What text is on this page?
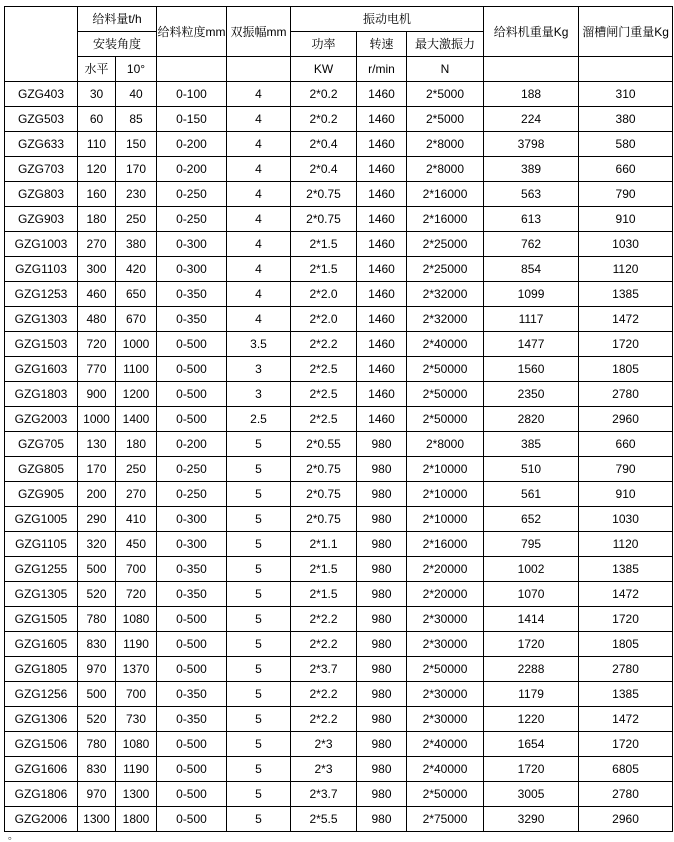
	给料量t/h		给料粒度mm	双振幅mm	振动电机			给料机重量Kg	溜槽闸门重量Kg
	安装角度				功率	转速	最大激振力		
	水平	10°			KW	r/min	N		
GZG403	30	40	0-100	4	2*0.2	1460	2*5000	188	310
GZG503	60	85	0-150	4	2*0.2	1460	2*5000	224	380
GZG633	110	150	0-200	4	2*0.4	1460	2*8000	3798	580
GZG703	120	170	0-200	4	2*0.4	1460	2*8000	389	660
GZG803	160	230	0-250	4	2*0.75	1460	2*16000	563	790
GZG903	180	250	0-250	4	2*0.75	1460	2*16000	613	910
GZG1003	270	380	0-300	4	2*1.5	1460	2*25000	762	1030
GZG1103	300	420	0-300	4	2*1.5	1460	2*25000	854	1120
GZG1253	460	650	0-350	4	2*2.0	1460	2*32000	1099	1385
GZG1303	480	670	0-350	4	2*2.0	1460	2*32000	1117	1472
GZG1503	720	1000	0-500	3.5	2*2.2	1460	2*40000	1477	1720
GZG1603	770	1100	0-500	3	2*2.5	1460	2*50000	1560	1805
GZG1803	900	1200	0-500	3	2*2.5	1460	2*50000	2350	2780
GZG2003	1000	1400	0-500	2.5	2*2.5	1460	2*50000	2820	2960
GZG705	130	180	0-200	5	2*0.55	980	2*8000	385	660
GZG805	170	250	0-250	5	2*0.75	980	2*10000	510	790
GZG905	200	270	0-250	5	2*0.75	980	2*10000	561	910
GZG1005	290	410	0-300	5	2*0.75	980	2*10000	652	1030
GZG1105	320	450	0-300	5	2*1.1	980	2*16000	795	1120
GZG1255	500	700	0-350	5	2*1.5	980	2*20000	1002	1385
GZG1305	520	720	0-350	5	2*1.5	980	2*20000	1070	1472
GZG1505	780	1080	0-500	5	2*2.2	980	2*30000	1414	1720
GZG1605	830	1190	0-500	5	2*2.2	980	2*30000	1720	1805
GZG1805	970	1370	0-500	5	2*3.7	980	2*50000	2288	2780
GZG1256	500	700	0-350	5	2*2.2	980	2*30000	1179	1385
GZG1306	520	730	0-350	5	2*2.2	980	2*30000	1220	1472
GZG1506	780	1080	0-500	5	2*3	980	2*40000	1654	1720
GZG1606	830	1190	0-500	5	2*3	980	2*40000	1720	6805
GZG1806	970	1300	0-500	5	2*3.7	980	2*50000	3005	2780
GZG2006	1300	1800	0-500	5	2*5.5	980	2*75000	3290	2960
。
